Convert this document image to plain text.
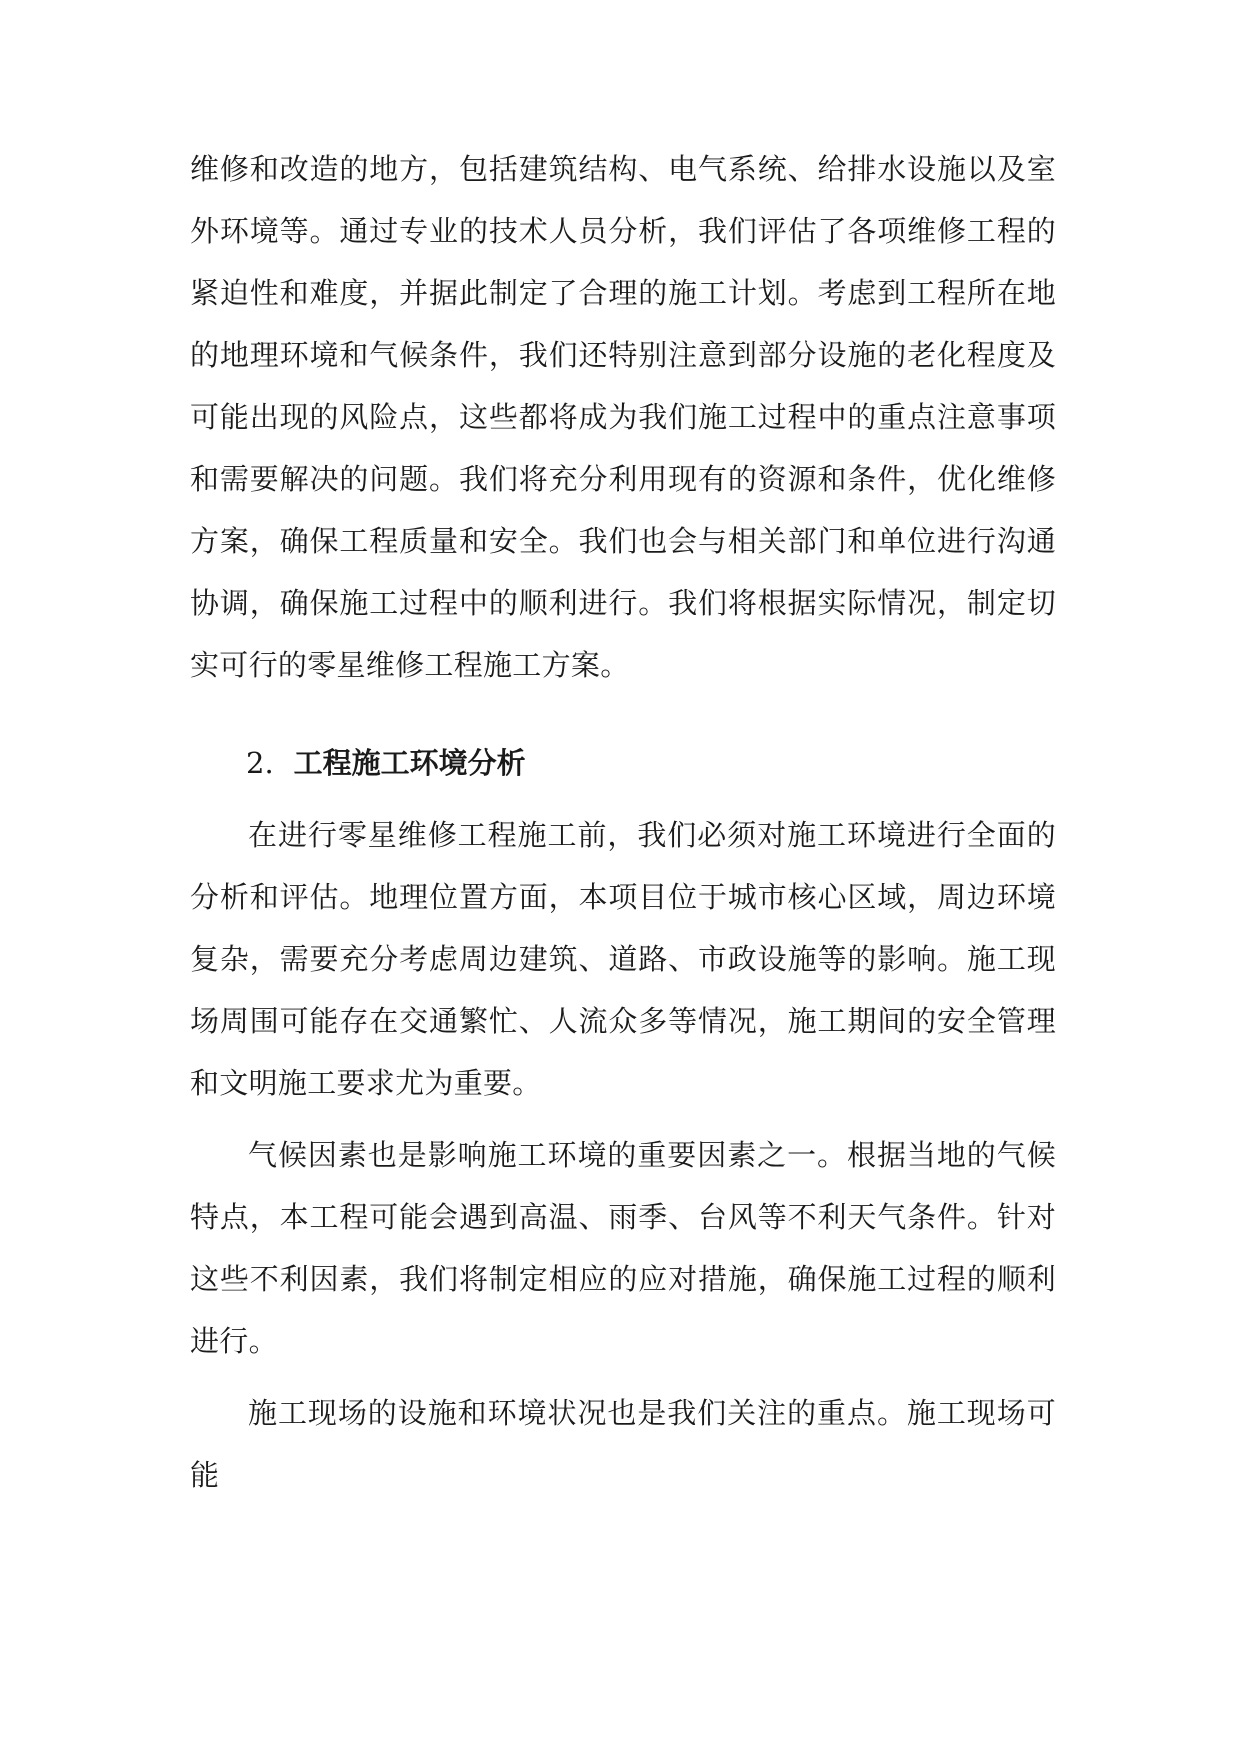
维修和改造的地方，包括建筑结构、电气系统、给排水设施以及室外环境等。通过专业的技术人员分析，我们评估了各项维修工程的紧迫性和难度，并据此制定了合理的施工计划。考虑到工程所在地的地理环境和气候条件，我们还特别注意到部分设施的老化程度及可能出现的风险点，这些都将成为我们施工过程中的重点注意事项和需要解决的问题。我们将充分利用现有的资源和条件，优化维修方案，确保工程质量和安全。我们也会与相关部门和单位进行沟通协调，确保施工过程中的顺利进行。我们将根据实际情况，制定切实可行的零星维修工程施工方案。

2. 工程施工环境分析

在进行零星维修工程施工前，我们必须对施工环境进行全面的分析和评估。地理位置方面，本项目位于城市核心区域，周边环境复杂，需要充分考虑周边建筑、道路、市政设施等的影响。施工现场周围可能存在交通繁忙、人流众多等情况，施工期间的安全管理和文明施工要求尤为重要。

气候因素也是影响施工环境的重要因素之一。根据当地的气候特点，本工程可能会遇到高温、雨季、台风等不利天气条件。针对这些不利因素，我们将制定相应的应对措施，确保施工过程的顺利进行。

施工现场的设施和环境状况也是我们关注的重点。施工现场可能
